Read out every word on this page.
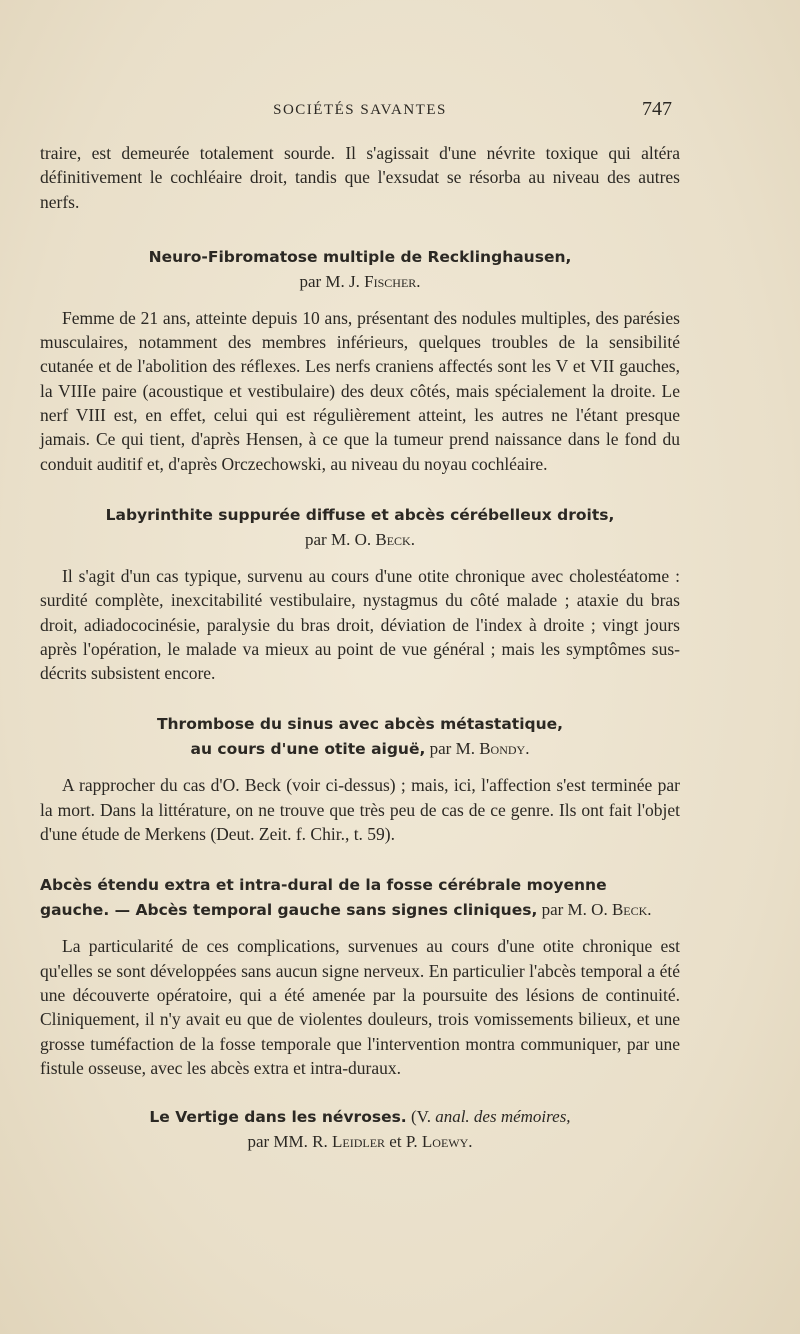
SOCIÉTÉS SAVANTES	747

traire, est demeurée totalement sourde. Il s'agissait d'une névrite toxique qui altéra définitivement le cochléaire droit, tandis que l'exsudat se résorba au niveau des autres nerfs.

Neuro-Fibromatose multiple de Recklinghausen,
par M. J. Fischer.

Femme de 21 ans, atteinte depuis 10 ans, présentant des nodules multiples, des parésies musculaires, notamment des membres inférieurs, quelques troubles de la sensibilité cutanée et de l'abolition des réflexes. Les nerfs craniens affectés sont les V et VII gauches, la VIIIe paire (acoustique et vestibulaire) des deux côtés, mais spécialement la droite. Le nerf VIII est, en effet, celui qui est régulièrement atteint, les autres ne l'étant presque jamais. Ce qui tient, d'après Hensen, à ce que la tumeur prend naissance dans le fond du conduit auditif et, d'après Orczechowski, au niveau du noyau cochléaire.

Labyrinthite suppurée diffuse et abcès cérébelleux droits,
par M. O. Beck.

Il s'agit d'un cas typique, survenu au cours d'une otite chronique avec cholestéatome : surdité complète, inexcitabilité vestibulaire, nystagmus du côté malade ; ataxie du bras droit, adiadococinésie, paralysie du bras droit, déviation de l'index à droite ; vingt jours après l'opération, le malade va mieux au point de vue général ; mais les symptômes sus-décrits subsistent encore.

Thrombose du sinus avec abcès métastatique,
au cours d'une otite aiguë, par M. Bondy.

A rapprocher du cas d'O. Beck (voir ci-dessus) ; mais, ici, l'affection s'est terminée par la mort. Dans la littérature, on ne trouve que très peu de cas de ce genre. Ils ont fait l'objet d'une étude de Merkens (Deut. Zeit. f. Chir., t. 59).

Abcès étendu extra et intra-dural de la fosse cérébrale moyenne gauche. — Abcès temporal gauche sans signes cliniques, par M. O. Beck.

La particularité de ces complications, survenues au cours d'une otite chronique est qu'elles se sont développées sans aucun signe nerveux. En particulier l'abcès temporal a été une découverte opératoire, qui a été amenée par la poursuite des lésions de continuité. Cliniquement, il n'y avait eu que de violentes douleurs, trois vomissements bilieux, et une grosse tuméfaction de la fosse temporale que l'intervention montra communiquer, par une fistule osseuse, avec les abcès extra et intra-duraux.

Le Vertige dans les névroses. (V. anal. des mémoires,
par MM. R. Leidler et P. Loewy.
